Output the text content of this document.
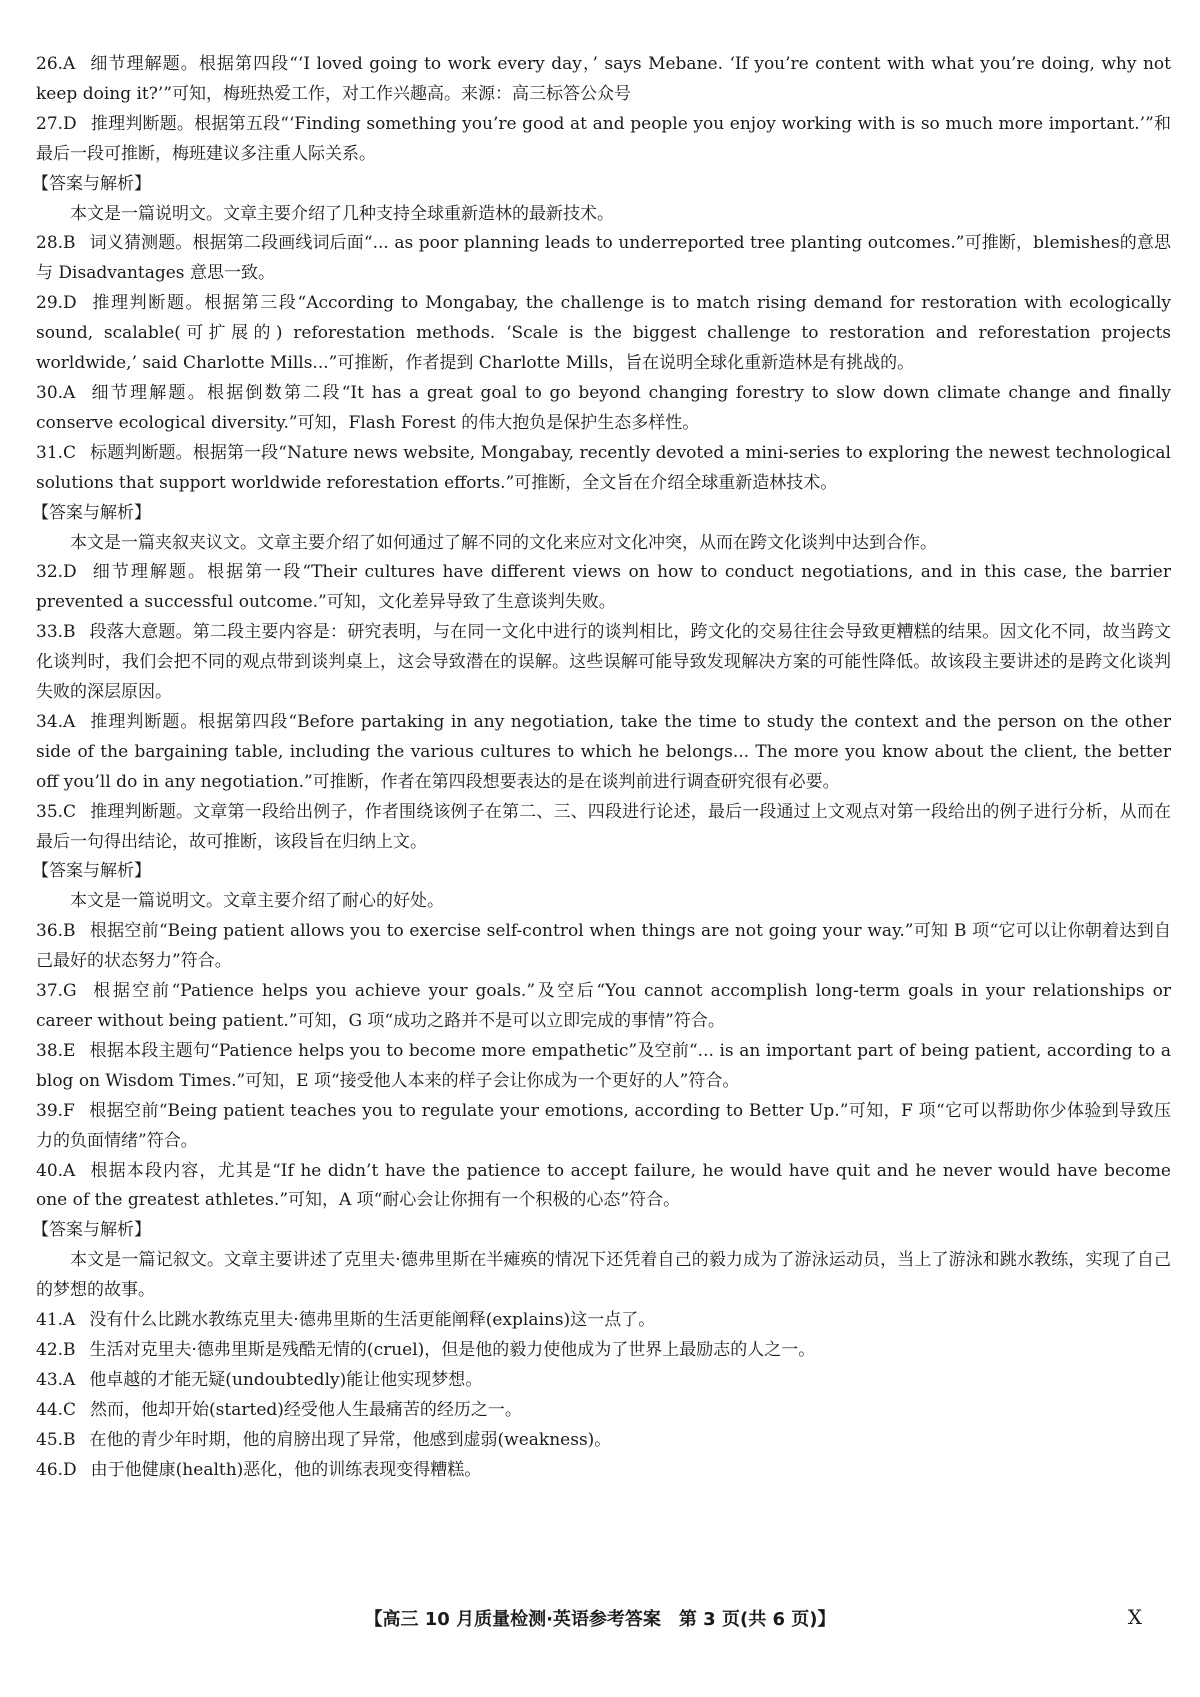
26.A 细节理解题。根据第四段“‘I loved going to work every day，’ says Mebane. ‘If you’re content with what you’re doing, why not keep doing it?’”可知，梅班热爱工作，对工作兴趣高。来源：高三标答公众号
27.D 推理判断题。根据第五段“‘Finding something you’re good at and people you enjoy working with is so much more important.’”和最后一段可推断，梅班建议多注重人际关系。
【答案与解析】
本文是一篇说明文。文章主要介绍了几种支持全球重新造林的最新技术。
28.B 词义猜测题。根据第二段画线词后面“... as poor planning leads to underreported tree planting outcomes.”可推断，blemishes的意思与 Disadvantages 意思一致。
29.D 推理判断题。根据第三段“According to Mongabay, the challenge is to match rising demand for restoration with ecologically sound, scalable(可扩展的) reforestation methods. ‘Scale is the biggest challenge to restoration and reforestation projects worldwide,’ said Charlotte Mills...”可推断，作者提到 Charlotte Mills，旨在说明全球化重新造林是有挑战的。
30.A 细节理解题。根据倒数第二段“It has a great goal to go beyond changing forestry to slow down climate change and finally conserve ecological diversity.”可知，Flash Forest 的伟大抱负是保护生态多样性。
31.C 标题判断题。根据第一段“Nature news website, Mongabay, recently devoted a mini-series to exploring the newest technological solutions that support worldwide reforestation efforts.”可推断，全文旨在介绍全球重新造林技术。
【答案与解析】
本文是一篇夹叙夹议文。文章主要介绍了如何通过了解不同的文化来应对文化冲突，从而在跨文化谈判中达到合作。
32.D 细节理解题。根据第一段“Their cultures have different views on how to conduct negotiations, and in this case, the barrier prevented a successful outcome.”可知，文化差异导致了生意谈判失败。
33.B 段落大意题。第二段主要内容是：研究表明，与在同一文化中进行的谈判相比，跨文化的交易往往会导致更糟糕的结果。因文化不同，故当跨文化谈判时，我们会把不同的观点带到谈判桌上，这会导致潜在的误解。这些误解可能导致发现解决方案的可能性降低。故该段主要讲述的是跨文化谈判失败的深层原因。
34.A 推理判断题。根据第四段“Before partaking in any negotiation, take the time to study the context and the person on the other side of the bargaining table, including the various cultures to which he belongs... The more you know about the client, the better off you’ll do in any negotiation.”可推断，作者在第四段想要表达的是在谈判前进行调查研究很有必要。
35.C 推理判断题。文章第一段给出例子，作者围绕该例子在第二、三、四段进行论述，最后一段通过上文观点对第一段给出的例子进行分析，从而在最后一句得出结论，故可推断，该段旨在归纳上文。
【答案与解析】
本文是一篇说明文。文章主要介绍了耐心的好处。
36.B 根据空前“Being patient allows you to exercise self-control when things are not going your way.”可知 B 项“它可以让你朝着达到自己最好的状态努力”符合。
37.G 根据空前“Patience helps you achieve your goals.”及空后“You cannot accomplish long-term goals in your relationships or career without being patient.”可知，G 项“成功之路并不是可以立即完成的事情”符合。
38.E 根据本段主题句“Patience helps you to become more empathetic”及空前“... is an important part of being patient, according to a blog on Wisdom Times.”可知，E 项“接受他人本来的样子会让你成为一个更好的人”符合。
39.F 根据空前“Being patient teaches you to regulate your emotions, according to Better Up.”可知，F 项“它可以帮助你少体验到导致压力的负面情绪”符合。
40.A 根据本段内容，尤其是“If he didn’t have the patience to accept failure, he would have quit and he never would have become one of the greatest athletes.”可知，A 项“耐心会让你拥有一个积极的心态”符合。
【答案与解析】
本文是一篇记叙文。文章主要讲述了克里夫·德弗里斯在半瘫痪的情况下还凭着自己的毅力成为了游泳运动员，当上了游泳和跳水教练，实现了自己的梦想的故事。
41.A 没有什么比跳水教练克里夫·德弗里斯的生活更能阐释(explains)这一点了。
42.B 生活对克里夫·德弗里斯是残酷无情的(cruel)，但是他的毅力使他成为了世界上最励志的人之一。
43.A 他卓越的才能无疑(undoubtedly)能让他实现梦想。
44.C 然而，他却开始(started)经受他人生最痛苦的经历之一。
45.B 在他的青少年时期，他的肩膀出现了异常，他感到虚弱(weakness)。
46.D 由于他健康(health)恶化，他的训练表现变得糟糕。
【高三 10 月质量检测·英语参考答案　第 3 页(共 6 页)】	X
